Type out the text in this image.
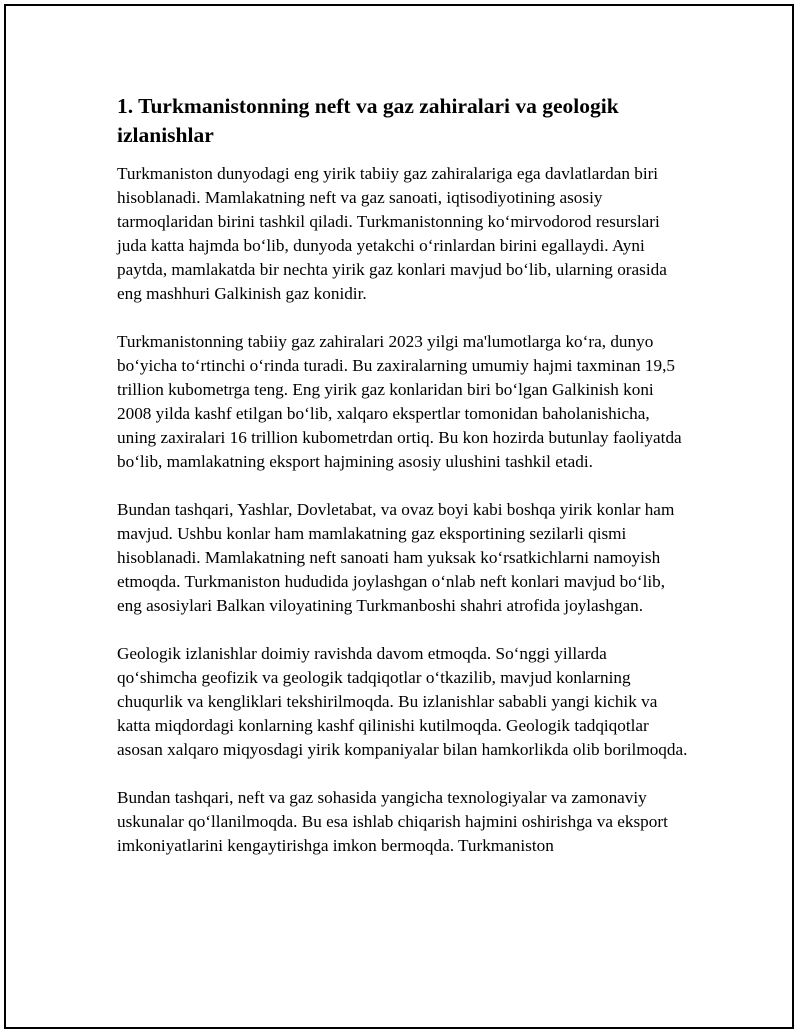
1. Turkmanistonning neft va gaz zahiralari va geologik izlanishlar

Turkmaniston dunyodagi eng yirik tabiiy gaz zahiralariga ega davlatlardan biri hisoblanadi. Mamlakatning neft va gaz sanoati, iqtisodiyotining asosiy tarmoqlaridan birini tashkil qiladi. Turkmanistonning koʻmirvodorod resurslari juda katta hajmda boʻlib, dunyoda yetakchi oʻrinlardan birini egallaydi. Ayni paytda, mamlakatda bir nechta yirik gaz konlari mavjud boʻlib, ularning orasida eng mashhuri Galkinish gaz konidir.

Turkmanistonning tabiiy gaz zahiralari 2023 yilgi ma'lumotlarga koʻra, dunyo boʻyicha toʻrtinchi oʻrinda turadi. Bu zaxiralarning umumiy hajmi taxminan 19,5 trillion kubometrga teng. Eng yirik gaz konlaridan biri boʻlgan Galkinish koni 2008 yilda kashf etilgan boʻlib, xalqaro ekspertlar tomonidan baholanishicha, uning zaxiralari 16 trillion kubometrdan ortiq. Bu kon hozirda butunlay faoliyatda boʻlib, mamlakatning eksport hajmining asosiy ulushini tashkil etadi.

Bundan tashqari, Yashlar, Dovletabat, va ovaz boyi kabi boshqa yirik konlar ham mavjud. Ushbu konlar ham mamlakatning gaz eksportining sezilarli qismi hisoblanadi. Mamlakatning neft sanoati ham yuksak koʻrsatkichlarni namoyish etmoqda. Turkmaniston hududida joylashgan oʻnlab neft konlari mavjud boʻlib, eng asosiylari Balkan viloyatining Turkmanboshi shahri atrofida joylashgan.

Geologik izlanishlar doimiy ravishda davom etmoqda. Soʻnggi yillarda qoʻshimcha geofizik va geologik tadqiqotlar oʻtkazilib, mavjud konlarning chuqurlik va kengliklari tekshirilmoqda. Bu izlanishlar sababli yangi kichik va katta miqdordagi konlarning kashf qilinishi kutilmoqda. Geologik tadqiqotlar asosan xalqaro miqyosdagi yirik kompaniyalar bilan hamkorlikda olib borilmoqda.

Bundan tashqari, neft va gaz sohasida yangicha texnologiyalar va zamonaviy uskunalar qoʻllanilmoqda. Bu esa ishlab chiqarish hajmini oshirishga va eksport imkoniyatlarini kengaytirishga imkon bermoqda. Turkmaniston
